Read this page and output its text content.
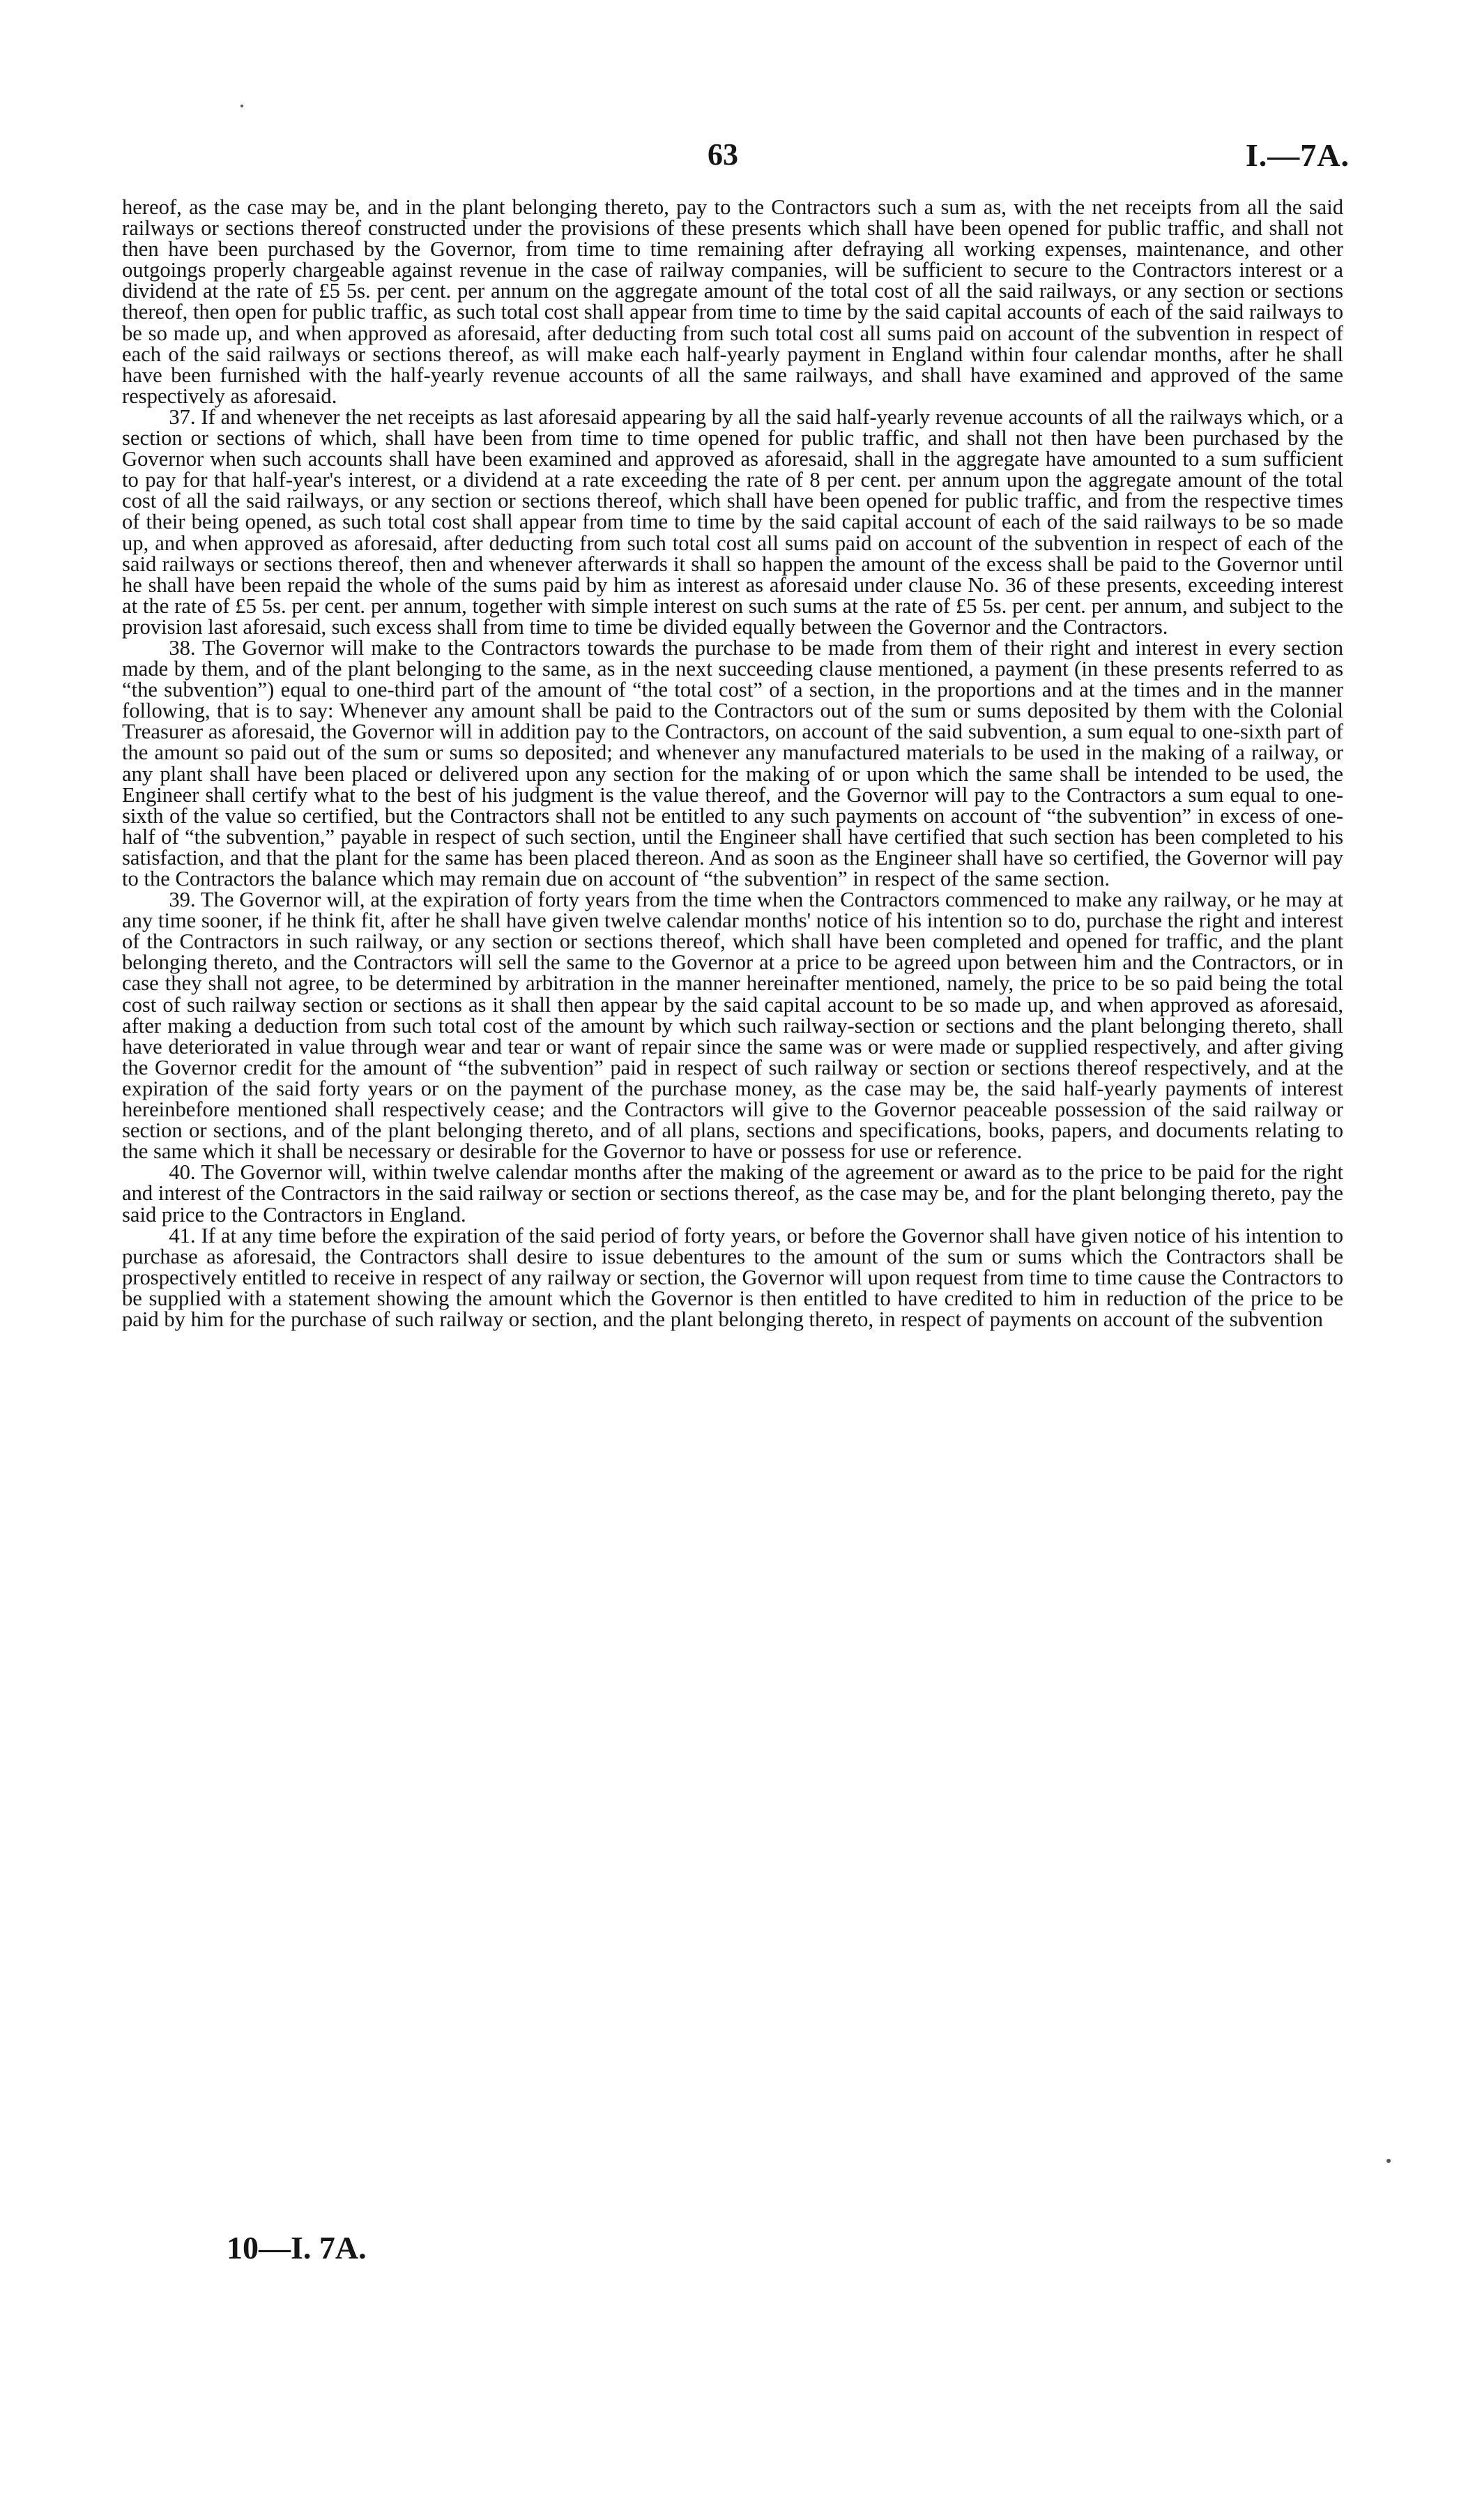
63	I.—7A.

hereof, as the case may be, and in the plant belonging thereto, pay to the Contractors such a sum as, with the net receipts from all the said railways or sections thereof constructed under the provisions of these presents which shall have been opened for public traffic, and shall not then have been purchased by the Governor, from time to time remaining after defraying all working expenses, maintenance, and other outgoings properly chargeable against revenue in the case of railway companies, will be sufficient to secure to the Contractors interest or a dividend at the rate of £5 5s. per cent. per annum on the aggregate amount of the total cost of all the said railways, or any section or sections thereof, then open for public traffic, as such total cost shall appear from time to time by the said capital accounts of each of the said railways to be so made up, and when approved as aforesaid, after deducting from such total cost all sums paid on account of the subvention in respect of each of the said railways or sections thereof, as will make each half-yearly payment in England within four calendar months, after he shall have been furnished with the half-yearly revenue accounts of all the same railways, and shall have examined and approved of the same respectively as aforesaid.

37. If and whenever the net receipts as last aforesaid appearing by all the said half-yearly revenue accounts of all the railways which, or a section or sections of which, shall have been from time to time opened for public traffic, and shall not then have been purchased by the Governor when such accounts shall have been examined and approved as aforesaid, shall in the aggregate have amounted to a sum sufficient to pay for that half-year's interest, or a dividend at a rate exceeding the rate of 8 per cent. per annum upon the aggregate amount of the total cost of all the said railways, or any section or sections thereof, which shall have been opened for public traffic, and from the respective times of their being opened, as such total cost shall appear from time to time by the said capital account of each of the said railways to be so made up, and when approved as aforesaid, after deducting from such total cost all sums paid on account of the subvention in respect of each of the said railways or sections thereof, then and whenever afterwards it shall so happen the amount of the excess shall be paid to the Governor until he shall have been repaid the whole of the sums paid by him as interest as aforesaid under clause No. 36 of these presents, exceeding interest at the rate of £5 5s. per cent. per annum, together with simple interest on such sums at the rate of £5 5s. per cent. per annum, and subject to the provision last aforesaid, such excess shall from time to time be divided equally between the Governor and the Contractors.

38. The Governor will make to the Contractors towards the purchase to be made from them of their right and interest in every section made by them, and of the plant belonging to the same, as in the next succeeding clause mentioned, a payment (in these presents referred to as “the subvention”) equal to one-third part of the amount of “the total cost” of a section, in the proportions and at the times and in the manner following, that is to say: Whenever any amount shall be paid to the Contractors out of the sum or sums deposited by them with the Colonial Treasurer as aforesaid, the Governor will in addition pay to the Contractors, on account of the said subvention, a sum equal to one-sixth part of the amount so paid out of the sum or sums so deposited; and whenever any manufactured materials to be used in the making of a railway, or any plant shall have been placed or delivered upon any section for the making of or upon which the same shall be intended to be used, the Engineer shall certify what to the best of his judgment is the value thereof, and the Governor will pay to the Contractors a sum equal to one-sixth of the value so certified, but the Contractors shall not be entitled to any such payments on account of “the subvention” in excess of one-half of “the subvention,” payable in respect of such section, until the Engineer shall have certified that such section has been completed to his satisfaction, and that the plant for the same has been placed thereon. And as soon as the Engineer shall have so certified, the Governor will pay to the Contractors the balance which may remain due on account of “the subvention” in respect of the same section.

39. The Governor will, at the expiration of forty years from the time when the Contractors commenced to make any railway, or he may at any time sooner, if he think fit, after he shall have given twelve calendar months' notice of his intention so to do, purchase the right and interest of the Contractors in such railway, or any section or sections thereof, which shall have been completed and opened for traffic, and the plant belonging thereto, and the Contractors will sell the same to the Governor at a price to be agreed upon between him and the Contractors, or in case they shall not agree, to be determined by arbitration in the manner hereinafter mentioned, namely, the price to be so paid being the total cost of such railway section or sections as it shall then appear by the said capital account to be so made up, and when approved as aforesaid, after making a deduction from such total cost of the amount by which such railway-section or sections and the plant belonging thereto, shall have deteriorated in value through wear and tear or want of repair since the same was or were made or supplied respectively, and after giving the Governor credit for the amount of “the subvention” paid in respect of such railway or section or sections thereof respectively, and at the expiration of the said forty years or on the payment of the purchase money, as the case may be, the said half-yearly payments of interest hereinbefore mentioned shall respectively cease; and the Contractors will give to the Governor peaceable possession of the said railway or section or sections, and of the plant belonging thereto, and of all plans, sections and specifications, books, papers, and documents relating to the same which it shall be necessary or desirable for the Governor to have or possess for use or reference.

40. The Governor will, within twelve calendar months after the making of the agreement or award as to the price to be paid for the right and interest of the Contractors in the said railway or section or sections thereof, as the case may be, and for the plant belonging thereto, pay the said price to the Contractors in England.

41. If at any time before the expiration of the said period of forty years, or before the Governor shall have given notice of his intention to purchase as aforesaid, the Contractors shall desire to issue debentures to the amount of the sum or sums which the Contractors shall be prospectively entitled to receive in respect of any railway or section, the Governor will upon request from time to time cause the Contractors to be supplied with a statement showing the amount which the Governor is then entitled to have credited to him in reduction of the price to be paid by him for the purchase of such railway or section, and the plant belonging thereto, in respect of payments on account of the subvention

10—I. 7A.
